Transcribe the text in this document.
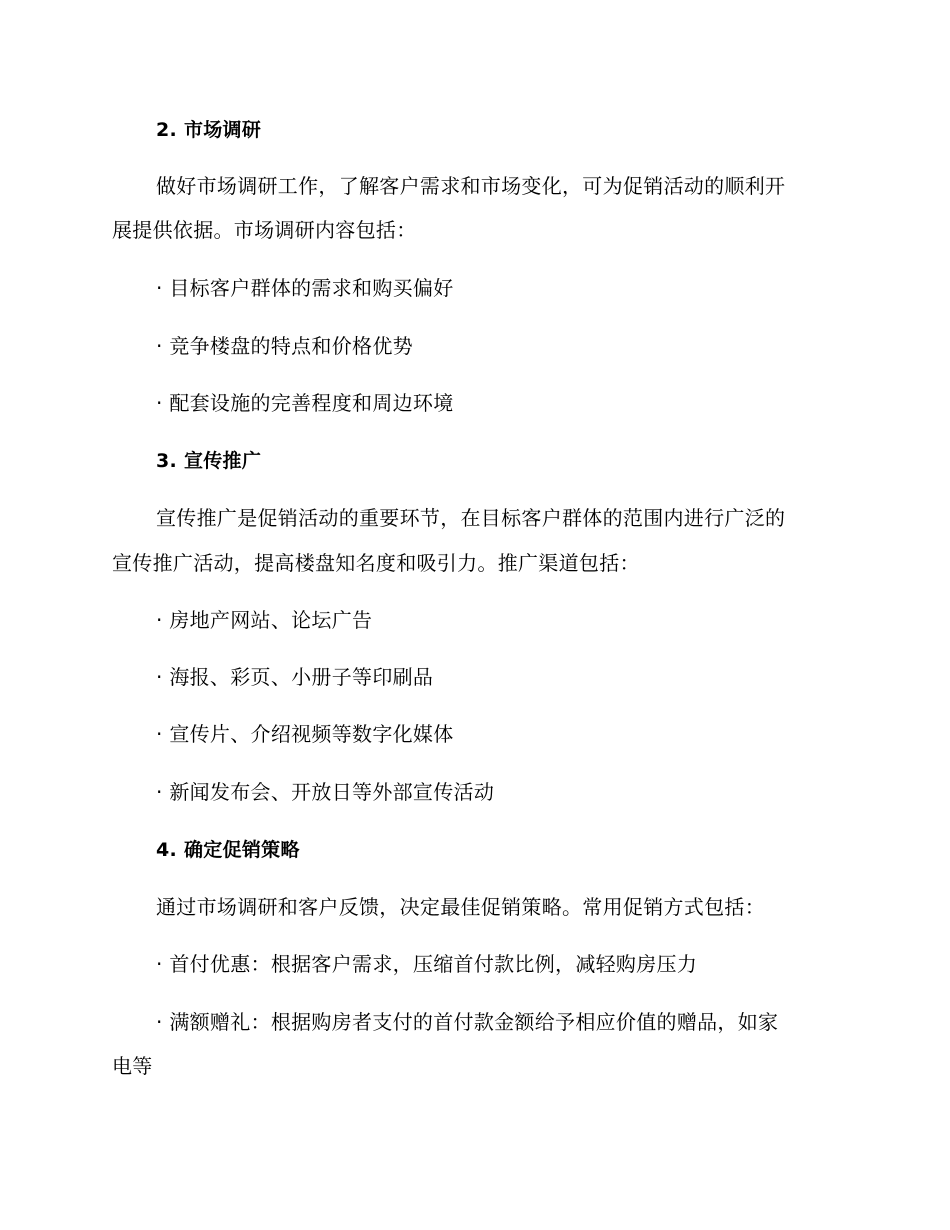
2. 市场调研
做好市场调研工作，了解客户需求和市场变化，可为促销活动的顺利开
展提供依据。市场调研内容包括：
· 目标客户群体的需求和购买偏好
· 竞争楼盘的特点和价格优势
· 配套设施的完善程度和周边环境
3. 宣传推广
宣传推广是促销活动的重要环节，在目标客户群体的范围内进行广泛的
宣传推广活动，提高楼盘知名度和吸引力。推广渠道包括：
· 房地产网站、论坛广告
· 海报、彩页、小册子等印刷品
· 宣传片、介绍视频等数字化媒体
· 新闻发布会、开放日等外部宣传活动
4. 确定促销策略
通过市场调研和客户反馈，决定最佳促销策略。常用促销方式包括：
· 首付优惠：根据客户需求，压缩首付款比例，减轻购房压力
· 满额赠礼：根据购房者支付的首付款金额给予相应价值的赠品，如家
电等
